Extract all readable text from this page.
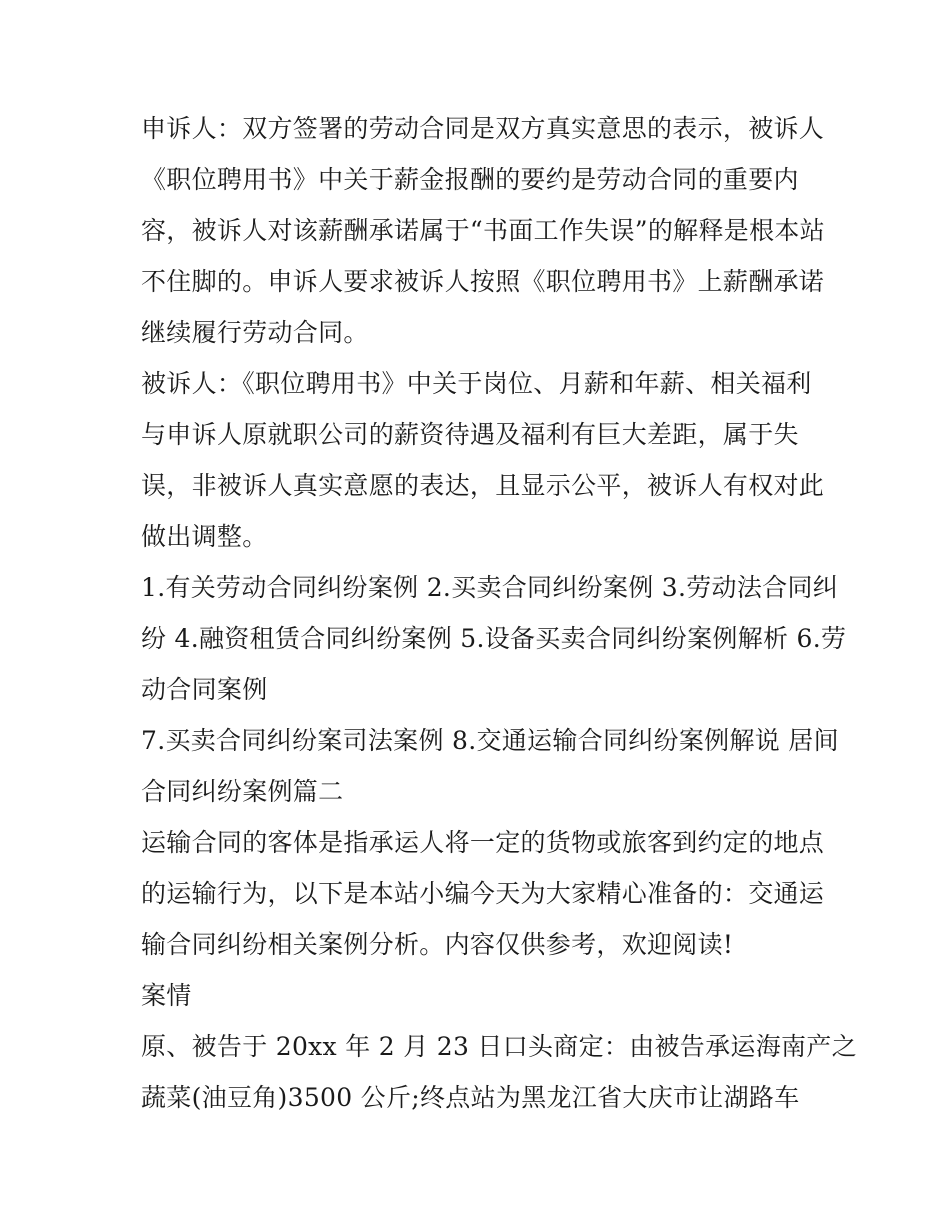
申诉人：双方签署的劳动合同是双方真实意思的表示，被诉人
《职位聘用书》中关于薪金报酬的要约是劳动合同的重要内
容，被诉人对该薪酬承诺属于“书面工作失误”的解释是根本站
不住脚的。申诉人要求被诉人按照《职位聘用书》上薪酬承诺
继续履行劳动合同。
被诉人：《职位聘用书》中关于岗位、月薪和年薪、相关福利
与申诉人原就职公司的薪资待遇及福利有巨大差距，属于失
误，非被诉人真实意愿的表达，且显示公平，被诉人有权对此
做出调整。
1.有关劳动合同纠纷案例 2.买卖合同纠纷案例 3.劳动法合同纠
纷 4.融资租赁合同纠纷案例 5.设备买卖合同纠纷案例解析 6.劳
动合同案例
7.买卖合同纠纷案司法案例 8.交通运输合同纠纷案例解说 居间
合同纠纷案例篇二
运输合同的客体是指承运人将一定的货物或旅客到约定的地点
的运输行为，以下是本站小编今天为大家精心准备的：交通运
输合同纠纷相关案例分析。内容仅供参考，欢迎阅读!
案情
原、被告于 20xx 年 2 月 23 日口头商定：由被告承运海南产之
蔬菜(油豆角)3500 公斤;终点站为黑龙江省大庆市让湖路车
